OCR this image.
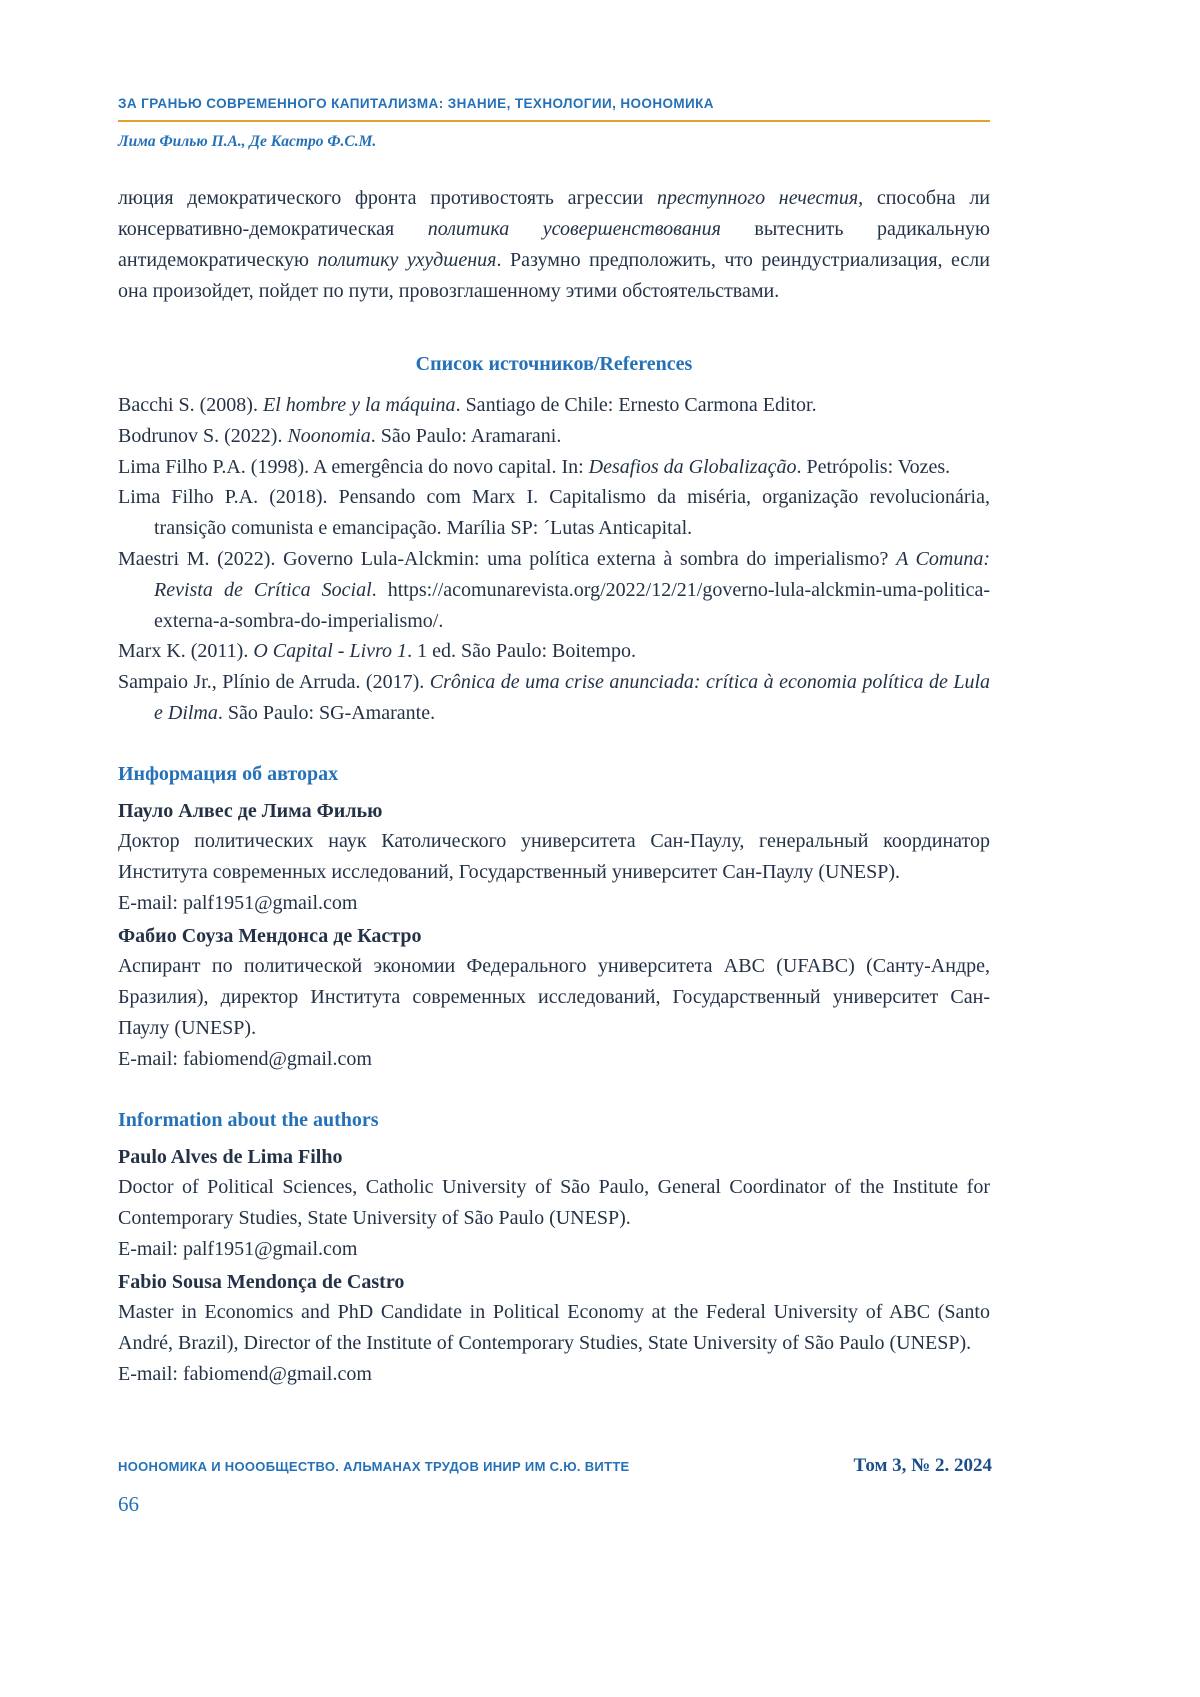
ЗА ГРАНЬЮ СОВРЕМЕННОГО КАПИТАЛИЗМА: ЗНАНИЕ, ТЕХНОЛОГИИ, НООНОМИКА
Лима Филью П.А., Де Кастро Ф.С.М.

люция демократического фронта противостоять агрессии преступного нечестия, способна ли консервативно-демократическая политика усовершенствования вытеснить радикальную антидемократическую политику ухудшения. Разумно предположить, что реиндустриализация, если она произойдет, пойдет по пути, провозглашенному этими обстоятельствами.

Список источников/References

Bacchi S. (2008). El hombre y la máquina. Santiago de Chile: Ernesto Carmona Editor.

Bodrunov S. (2022). Noonomia. São Paulo: Aramarani.

Lima Filho P.A. (1998). A emergência do novo capital. In: Desafios da Globalização. Petrópolis: Vozes.

Lima Filho P.A. (2018). Pensando com Marx I. Capitalismo da miséria, organização revolucionária, transição comunista e emancipação. Marília SP: ´Lutas Anticapital.

Maestri M. (2022). Governo Lula-Alckmin: uma política externa à sombra do imperialismo? A Comuna: Revista de Crítica Social. https://acomunarevista.org/2022/12/21/governo-lula-alckmin-uma-politica-externa-a-sombra-do-imperialismo/.

Marx K. (2011). O Capital - Livro 1. 1 ed. São Paulo: Boitempo.

Sampaio Jr., Plínio de Arruda. (2017). Crônica de uma crise anunciada: crítica à economia política de Lula e Dilma. São Paulo: SG-Amarante.

Информация об авторах

Пауло Алвес де Лима Филью

Доктор политических наук Католического университета Сан-Паулу, генеральный координатор Института современных исследований, Государственный университет Сан-Паулу (UNESP).

E-mail: palf1951@gmail.com

Фабио Соуза Мендонса де Кастро

Аспирант по политической экономии Федерального университета ABC (UFABC) (Санту-Андре, Бразилия), директор Института современных исследований, Государственный университет Сан-Паулу (UNESP).

E-mail: fabiomend@gmail.com

Information about the authors

Paulo Alves de Lima Filho

Doctor of Political Sciences, Catholic University of São Paulo, General Coordinator of the Institute for Contemporary Studies, State University of São Paulo (UNESP).

E-mail: palf1951@gmail.com

Fabio Sousa Mendonça de Castro

Master in Economics and PhD Candidate in Political Economy at the Federal University of ABC (Santo André, Brazil), Director of the Institute of Contemporary Studies, State University of São Paulo (UNESP).

E-mail: fabiomend@gmail.com

НООНОМИКА И НОООБЩЕСТВО. АЛЬМАНАХ ТРУДОВ ИНИР ИМ С.Ю. ВИТТЕ	Том 3, № 2. 2024
66
